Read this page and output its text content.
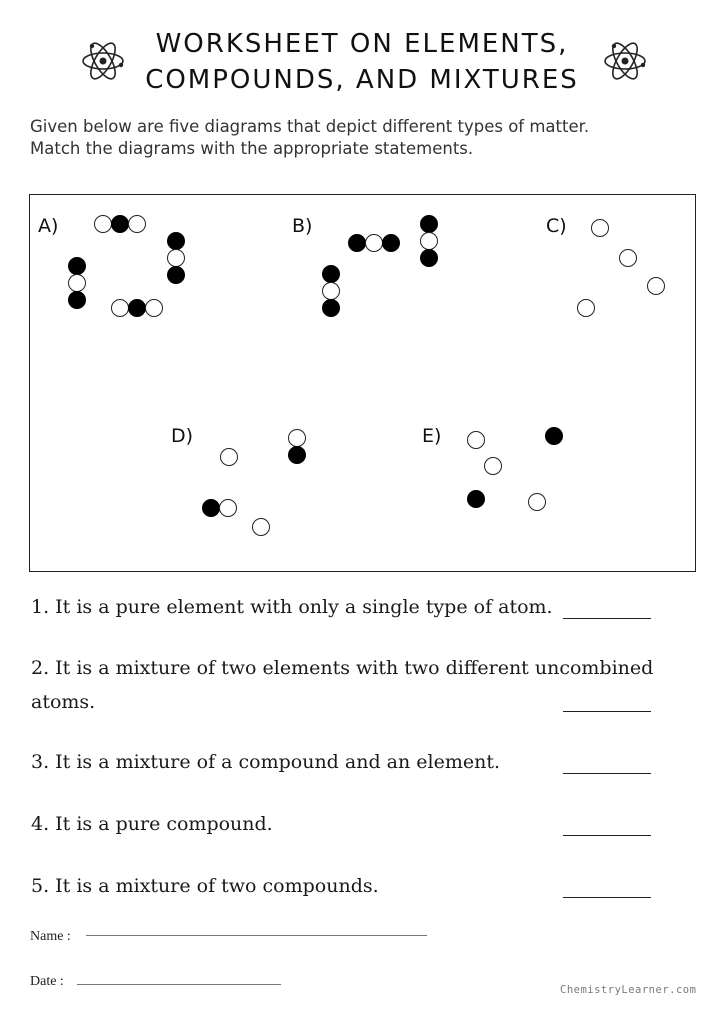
WORKSHEET ON ELEMENTS,
COMPOUNDS, AND MIXTURES
Given below are five diagrams that depict different types of matter.
Match the diagrams with the appropriate statements.
A)	B)	C)
D)	E)
1. It is a pure element with only a single type of atom.
2. It is a mixture of two elements with two different uncombined
atoms.
3. It is a mixture of a compound and an element.
4. It is a pure compound.
5. It is a mixture of two compounds.
Name :
Date :
ChemistryLearner.com
